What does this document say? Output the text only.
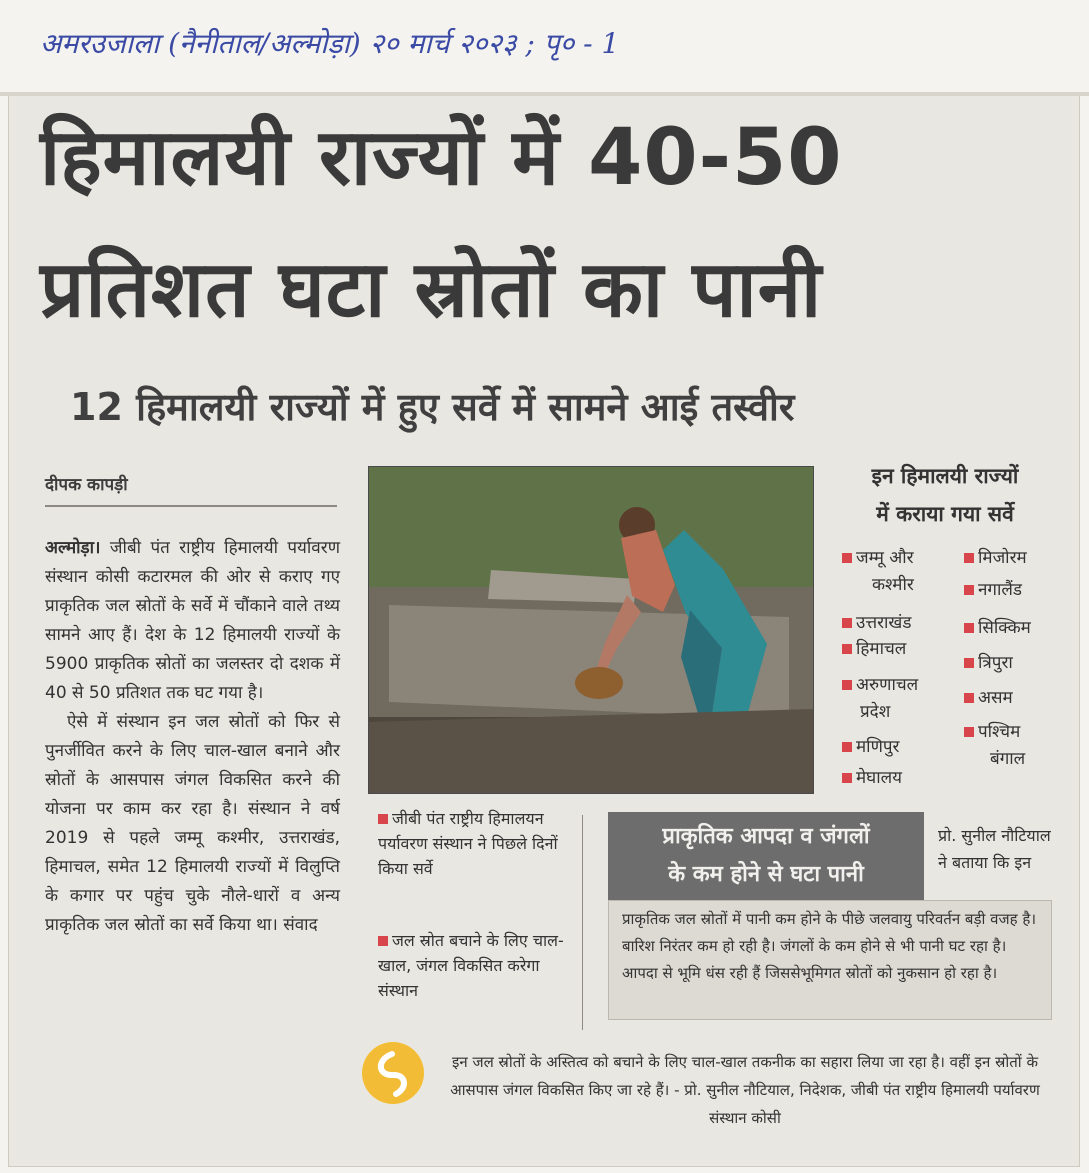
अमरउजाला (नैनीताल/अल्मोड़ा) २० मार्च २०२३ ; पृ० - 1
हिमालयी राज्यों में 40-50
प्रतिशत घटा स्रोतों का पानी
12 हिमालयी राज्यों में हुए सर्वे में सामने आई तस्वीर
दीपक कापड़ी

अल्मोड़ा। जीबी पंत राष्ट्रीय हिमालयी पर्यावरण संस्थान कोसी कटारमल की ओर से कराए गए प्राकृतिक जल स्रोतों के सर्वे में चौंकाने वाले तथ्य सामने आए हैं। देश के 12 हिमालयी राज्यों के 5900 प्राकृतिक स्रोतों का जलस्तर दो दशक में 40 से 50 प्रतिशत तक घट गया है।

ऐसे में संस्थान इन जल स्रोतों को फिर से पुनर्जीवित करने के लिए चाल-खाल बनाने और स्रोतों के आसपास जंगल विकसित करने की योजना पर काम कर रहा है। संस्थान ने वर्ष 2019 से पहले जम्मू कश्मीर, उत्तराखंड, हिमाचल, समेत 12 हिमालयी राज्यों में विलुप्ति के कगार पर पहुंच चुके नौले-धारों व अन्य प्राकृतिक जल स्रोतों का सर्वे किया था। संवाद

इन हिमालयी राज्यों
में कराया गया सर्वे
जम्मू और
कश्मीर
उत्तराखंड
हिमाचल
अरुणाचल
प्रदेश
मणिपुर
मेघालय
मिजोरम
नगालैंड
सिक्किम
त्रिपुरा
असम
पश्चिम
बंगाल
जीबी पंत राष्ट्रीय हिमालयन पर्यावरण संस्थान ने पिछले दिनों किया सर्वे
जल स्रोत बचाने के लिए चाल-खाल, जंगल विकसित करेगा संस्थान
प्राकृतिक आपदा व जंगलों
के कम होने से घटा पानी
प्रो. सुनील नौटियाल ने बताया कि इन
प्राकृतिक जल स्रोतों में पानी कम होने के पीछे जलवायु परिवर्तन बड़ी वजह है। बारिश निरंतर कम हो रही है। जंगलों के कम होने से भी पानी घट रहा है। आपदा से भूमि धंस रही हैं जिससेभूमिगत स्रोतों को नुकसान हो रहा है।
इन जल स्रोतों के अस्तित्व को बचाने के लिए चाल-खाल तकनीक का सहारा लिया जा रहा है। वहीं इन स्रोतों के आसपास जंगल विकसित किए जा रहे हैं। - प्रो. सुनील नौटियाल, निदेशक, जीबी पंत राष्ट्रीय हिमालयी पर्यावरण संस्थान कोसी
